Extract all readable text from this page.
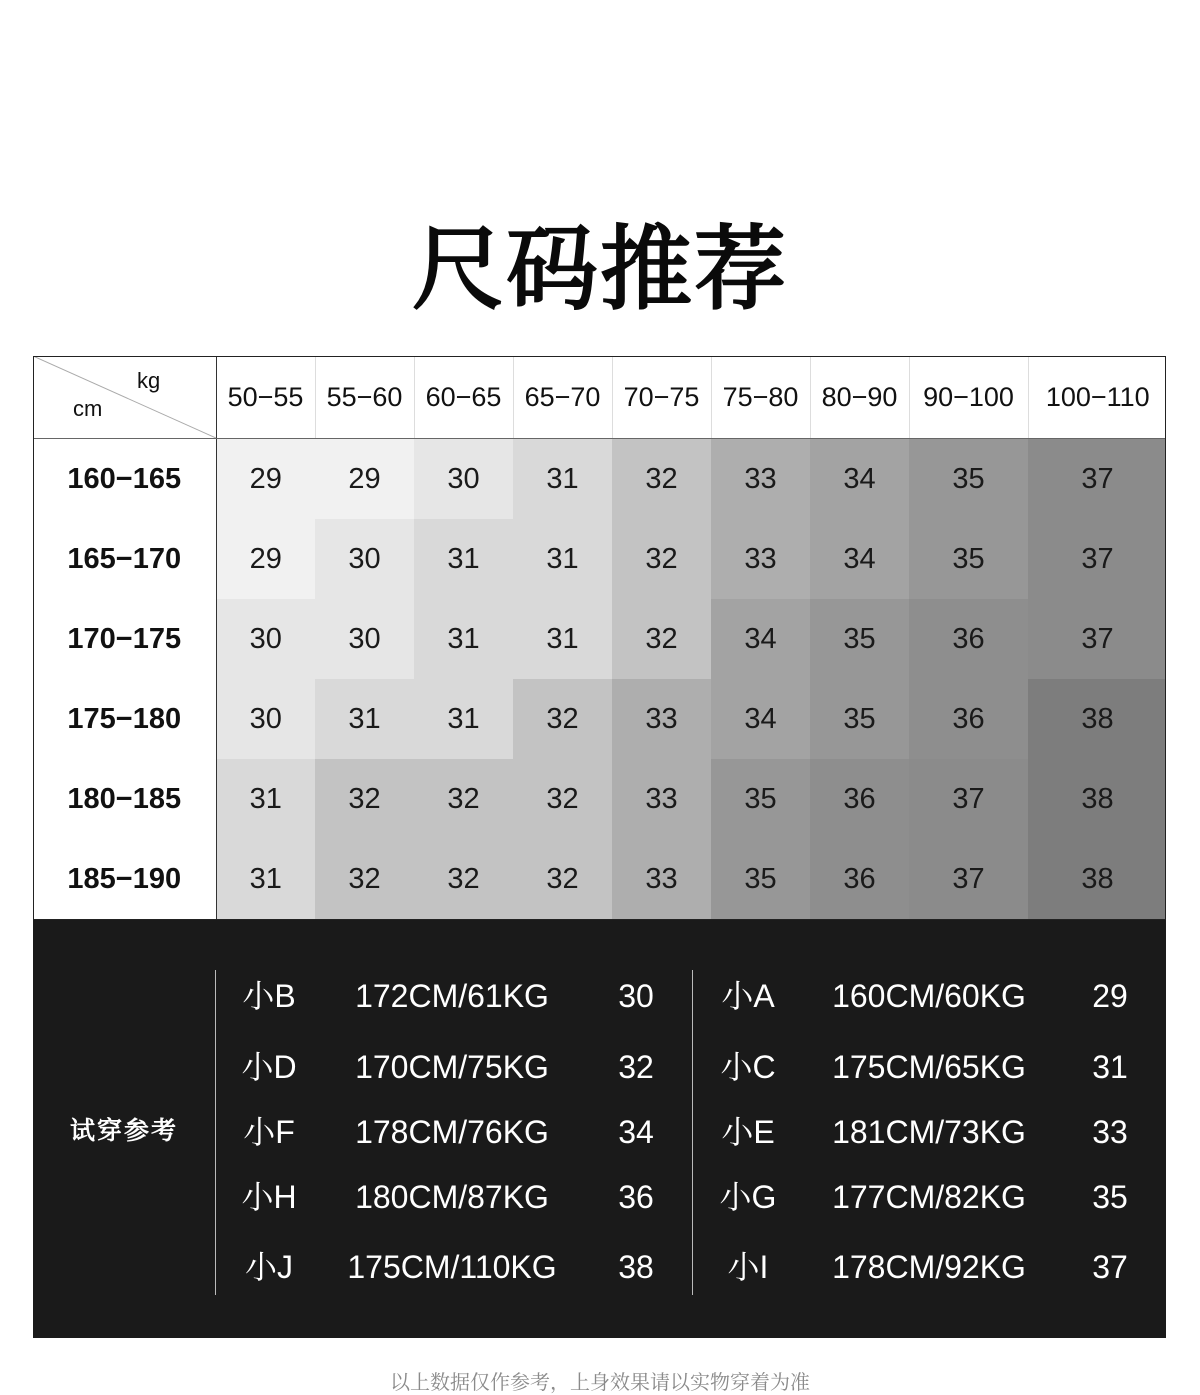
尺码推荐
kg
cm	50−55	55−60	60−65	65−70	70−75	75−80	80−90	90−100	100−110
160−165	29	29	30	31	32	33	34	35	37
165−170	29	30	31	31	32	33	34	35	37
170−175	30	30	31	31	32	34	35	36	37
175−180	30	31	31	32	33	34	35	36	38
180−185	31	32	32	32	33	35	36	37	38
185−190	31	32	32	32	33	35	36	37	38
试穿参考
小B	172CM/61KG	30
小D	170CM/75KG	32
小F	178CM/76KG	34
小H	180CM/87KG	36
小J	175CM/110KG	38
小A	160CM/60KG	29
小C	175CM/65KG	31
小E	181CM/73KG	33
小G	177CM/82KG	35
小I	178CM/92KG	37
以上数据仅作参考，上身效果请以实物穿着为准
